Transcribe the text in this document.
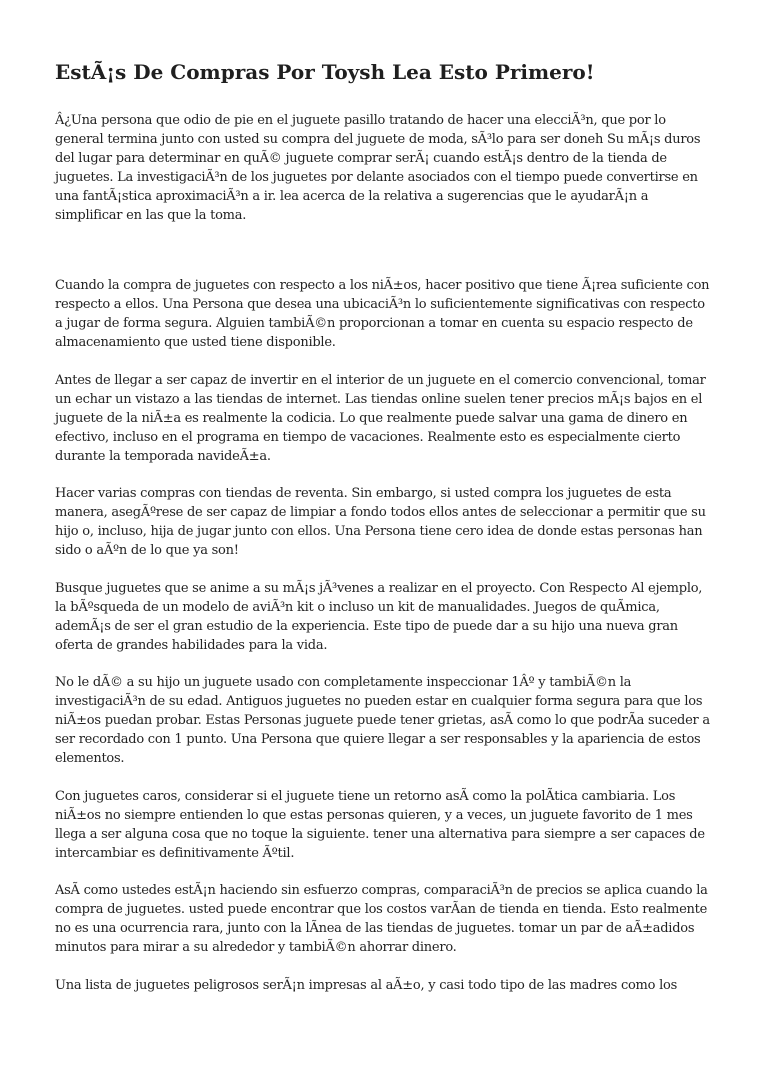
EstÃ¡s De Compras Por Toysh Lea Esto Primero!

Â¿Una persona que odio de pie en el juguete pasillo tratando de hacer una elecciÃ³n, que por lo general termina junto con usted su compra del juguete de moda, sÃ³lo para ser doneh Su mÃ¡s duros del lugar para determinar en quÃ© juguete comprar serÃ¡ cuando estÃ¡s dentro de la tienda de juguetes. La investigaciÃ³n de los juguetes por delante asociados con el tiempo puede convertirse en una fantÃ¡stica aproximaciÃ³n a ir. lea acerca de la relativa a sugerencias que le ayudarÃ¡n a simplificar en las que la toma.

Cuando la compra de juguetes con respecto a los niÃ±os, hacer positivo que tiene Ã¡rea suficiente con respecto a ellos. Una Persona que desea una ubicaciÃ³n lo suficientemente significativas con respecto a jugar de forma segura. Alguien tambiÃ©n proporcionan a tomar en cuenta su espacio respecto de almacenamiento que usted tiene disponible.

Antes de llegar a ser capaz de invertir en el interior de un juguete en el comercio convencional, tomar un echar un vistazo a las tiendas de internet. Las tiendas online suelen tener precios mÃ¡s bajos en el juguete de la niÃ±a es realmente la codicia. Lo que realmente puede salvar una gama de dinero en efectivo, incluso en el programa en tiempo de vacaciones. Realmente esto es especialmente cierto durante la temporada navideÃ±a.

Hacer varias compras con tiendas de reventa. Sin embargo, si usted compra los juguetes de esta manera, asegÃºrese de ser capaz de limpiar a fondo todos ellos antes de seleccionar a permitir que su hijo o, incluso, hija de jugar junto con ellos. Una Persona tiene cero idea de donde estas personas han sido o aÃºn de lo que ya son!

Busque juguetes que se anime a su mÃ¡s jÃ³venes a realizar en el proyecto. Con Respecto Al ejemplo, la bÃºsqueda de un modelo de aviÃ³n kit o incluso un kit de manualidades. Juegos de quÃmica, ademÃ¡s de ser el gran estudio de la experiencia. Este tipo de puede dar a su hijo una nueva gran oferta de grandes habilidades para la vida.

No le dÃ© a su hijo un juguete usado con completamente inspeccionar 1Âº y tambiÃ©n la investigaciÃ³n de su edad. Antiguos juguetes no pueden estar en cualquier forma segura para que los niÃ±os puedan probar. Estas Personas juguete puede tener grietas, asÃ como lo que podrÃa suceder a ser recordado con 1 punto. Una Persona que quiere llegar a ser responsables y la apariencia de estos elementos.

Con juguetes caros, considerar si el juguete tiene un retorno asÃ como la polÃtica cambiaria. Los niÃ±os no siempre entienden lo que estas personas quieren, y a veces, un juguete favorito de 1 mes llega a ser alguna cosa que no toque la siguiente. tener una alternativa para siempre a ser capaces de intercambiar es definitivamente Ãºtil.

AsÃ como ustedes estÃ¡n haciendo sin esfuerzo compras, comparaciÃ³n de precios se aplica cuando la compra de juguetes. usted puede encontrar que los costos varÃan de tienda en tienda. Esto realmente no es una ocurrencia rara, junto con la lÃnea de las tiendas de juguetes. tomar un par de aÃ±adidos minutos para mirar a su alrededor y tambiÃ©n ahorrar dinero.

Una lista de juguetes peligrosos serÃ¡n impresas al aÃ±o, y casi todo tipo de las madres como los
